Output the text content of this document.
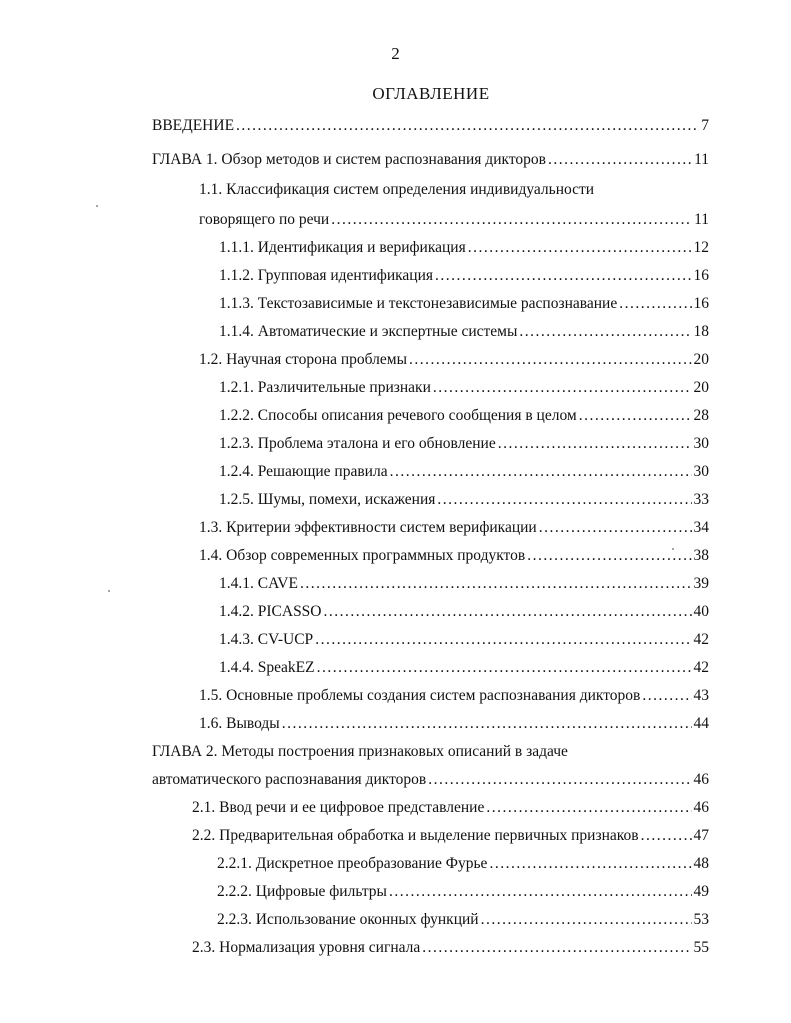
2
ОГЛАВЛЕНИЕ
ВВЕДЕНИЕ .....	7
ГЛАВА 1. Обзор методов и систем распознавания дикторов .....	11
1.1. Классификация систем определения индивидуальности
говорящего по речи .....	11
1.1.1. Идентификация и верификация .....	12
1.1.2. Групповая идентификация .....	16
1.1.3. Текстозависимые и текстонезависимые распознавание .....	16
1.1.4. Автоматические и экспертные системы .....	18
1.2. Научная сторона проблемы .....	20
1.2.1. Различительные признаки .....	20
1.2.2. Способы описания речевого сообщения в целом .....	28
1.2.3. Проблема эталона и его обновление .....	30
1.2.4. Решающие правила .....	30
1.2.5. Шумы, помехи, искажения .....	33
1.3. Критерии эффективности систем верификации .....	34
1.4. Обзор современных программных продуктов .....	38
1.4.1. CAVE .....	39
1.4.2. PICASSO .....	40
1.4.3. CV-UCP .....	42
1.4.4. SpeakEZ .....	42
1.5. Основные проблемы создания систем распознавания дикторов .....	43
1.6. Выводы .....	44
ГЛАВА 2. Методы построения признаковых описаний в задаче
автоматического распознавания дикторов .....	46
2.1. Ввод речи и ее цифровое представление .....	46
2.2. Предварительная обработка и выделение первичных признаков .....	47
2.2.1. Дискретное преобразование Фурье .....	48
2.2.2. Цифровые фильтры .....	49
2.2.3. Использование оконных функций .....	53
2.3. Нормализация уровня сигнала .....	55
